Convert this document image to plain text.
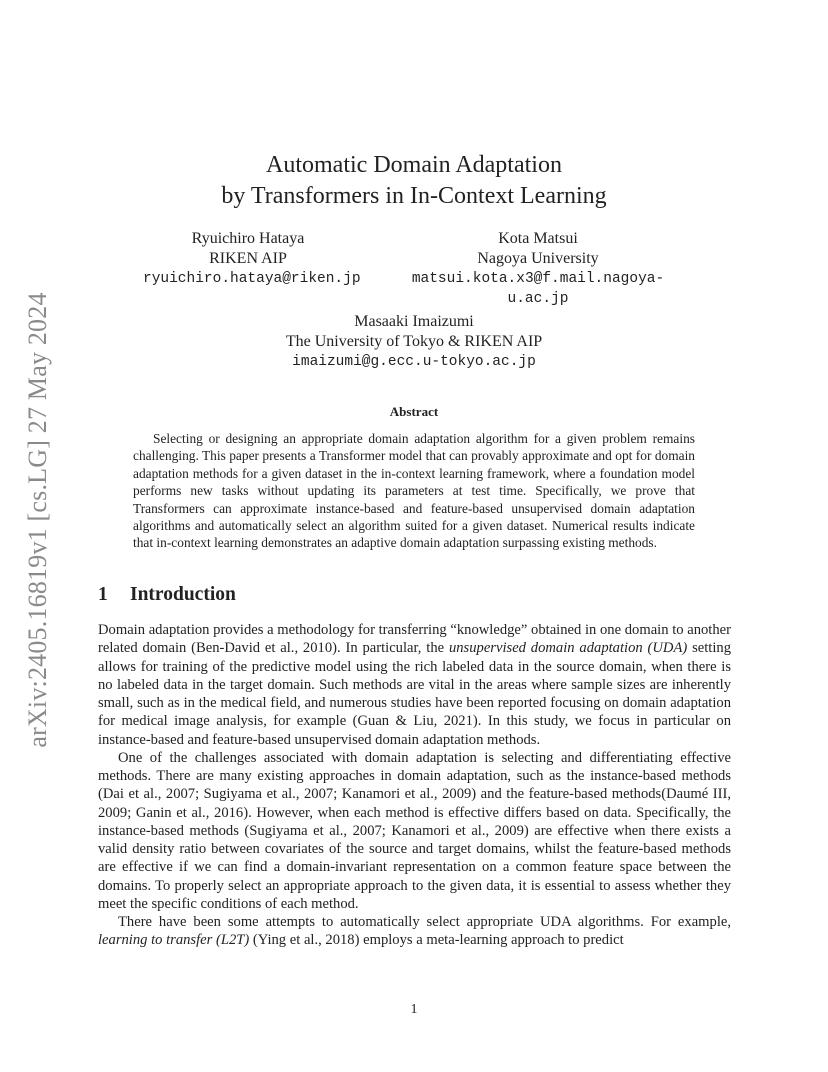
arXiv:2405.16819v1 [cs.LG] 27 May 2024
Automatic Domain Adaptation
by Transformers in In-Context Learning
Ryuichiro Hataya
RIKEN AIP
ryuichiro.hataya@riken.jp
Kota Matsui
Nagoya University
matsui.kota.x3@f.mail.nagoya-u.ac.jp
Masaaki Imaizumi
The University of Tokyo & RIKEN AIP
imaizumi@g.ecc.u-tokyo.ac.jp
Abstract
Selecting or designing an appropriate domain adaptation algorithm for a given problem remains challenging. This paper presents a Transformer model that can provably approximate and opt for domain adaptation methods for a given dataset in the in-context learning framework, where a foundation model performs new tasks without updating its parameters at test time. Specifically, we prove that Transformers can approximate instance-based and feature-based unsupervised domain adaptation algorithms and automatically select an algorithm suited for a given dataset. Numerical results indicate that in-context learning demonstrates an adaptive domain adaptation surpassing existing methods.
1 Introduction

Domain adaptation provides a methodology for transferring “knowledge” obtained in one domain to another related domain (Ben-David et al., 2010). In particular, the unsupervised domain adaptation (UDA) setting allows for training of the predictive model using the rich labeled data in the source domain, when there is no labeled data in the target domain. Such methods are vital in the areas where sample sizes are inherently small, such as in the medical field, and numerous studies have been reported focusing on domain adaptation for medical image analysis, for example (Guan & Liu, 2021). In this study, we focus in particular on instance-based and feature-based unsupervised domain adaptation methods.

One of the challenges associated with domain adaptation is selecting and differentiating effective methods. There are many existing approaches in domain adaptation, such as the instance-based methods (Dai et al., 2007; Sugiyama et al., 2007; Kanamori et al., 2009) and the feature-based methods(Daumé III, 2009; Ganin et al., 2016). However, when each method is effective differs based on data. Specifically, the instance-based methods (Sugiyama et al., 2007; Kanamori et al., 2009) are effective when there exists a valid density ratio between covariates of the source and target domains, whilst the feature-based methods are effective if we can find a domain-invariant representation on a common feature space between the domains. To properly select an appropriate approach to the given data, it is essential to assess whether they meet the specific conditions of each method.

There have been some attempts to automatically select appropriate UDA algorithms. For example, learning to transfer (L2T) (Ying et al., 2018) employs a meta-learning approach to predict

1
